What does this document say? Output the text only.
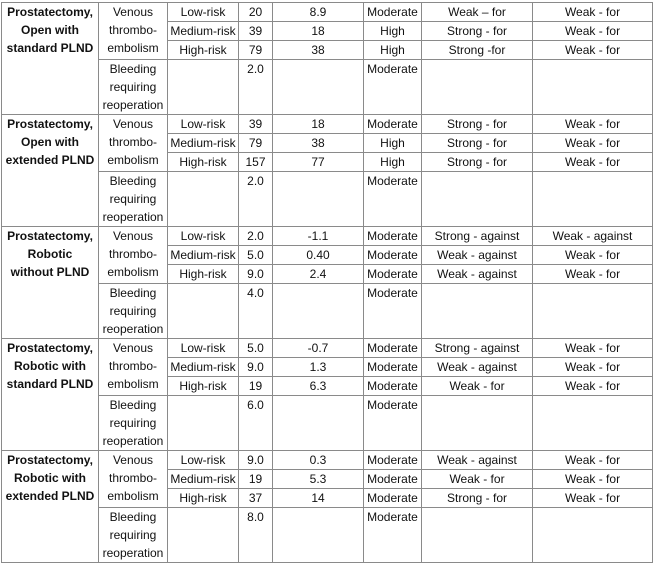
Prostatectomy,
Open with
standard PLND	Venous
thrombo-
embolism	Low-risk	20	8.9	Moderate	Weak – for	Weak - for
		Medium-risk	39	18	High	Strong - for	Weak - for
		High-risk	79	38	High	Strong -for	Weak - for

	Bleeding
requiring
reoperation		2.0		Moderate		

Prostatectomy,
Open with
extended PLND	Venous
thrombo-
embolism	Low-risk	39	18	Moderate	Strong - for	Weak - for
		Medium-risk	79	38	High	Strong - for	Weak - for
		High-risk	157	77	High	Strong - for	Weak - for

	Bleeding
requiring
reoperation		2.0		Moderate		

Prostatectomy,
Robotic
without PLND	Venous
thrombo-
embolism	Low-risk	2.0	-1.1	Moderate	Strong - against	Weak - against
		Medium-risk	5.0	0.40	Moderate	Weak - against	Weak - for
		High-risk	9.0	2.4	Moderate	Weak - against	Weak - for

	Bleeding
requiring
reoperation		4.0		Moderate		

Prostatectomy,
Robotic with
standard PLND	Venous
thrombo-
embolism	Low-risk	5.0	-0.7	Moderate	Strong - against	Weak - for
		Medium-risk	9.0	1.3	Moderate	Weak - against	Weak - for
		High-risk	19	6.3	Moderate	Weak - for	Weak - for

	Bleeding
requiring
reoperation		6.0		Moderate		

Prostatectomy,
Robotic with
extended PLND	Venous
thrombo-
embolism	Low-risk	9.0	0.3	Moderate	Weak - against	Weak - for
		Medium-risk	19	5.3	Moderate	Weak - for	Weak - for
		High-risk	37	14	Moderate	Strong - for	Weak - for

	Bleeding
requiring
reoperation		8.0		Moderate		
